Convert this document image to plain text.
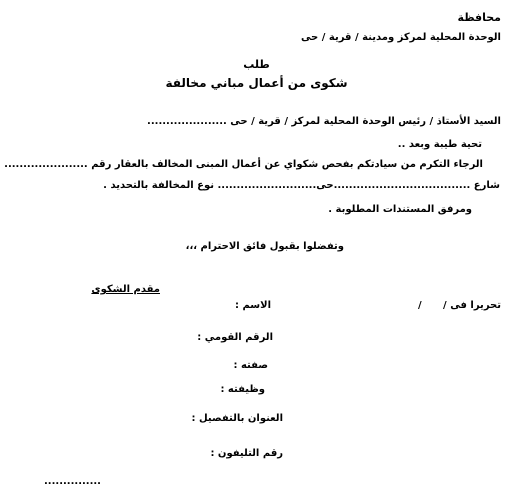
محافظة
الوحدة المحلية لمركز ومدينة / قرية / حى
طلب
شكوى من أعمال مباني مخالفة
السيد الأستاذ / رئيس الوحدة المحلية لمركز / قرية / حى .....................
تحية طيبة وبعد ..
الرجاء التكرم من سيادتكم بفحص شكواي عن أعمال المبنى المخالف بالعقار رقم ......................
شارع ....................................حى.......................... نوع المخالفة بالتحديد .
ومرفق المستندات المطلوبة .
وتفضلوا بقبول فائق الاحترام ،،،
مقدم الشكوى
تحريرا فى
/
/
الاسم :
الرقم القومي :
صفته :
وظيفته :
العنوان بالتفصيل :
رقم التليفون :
...............
